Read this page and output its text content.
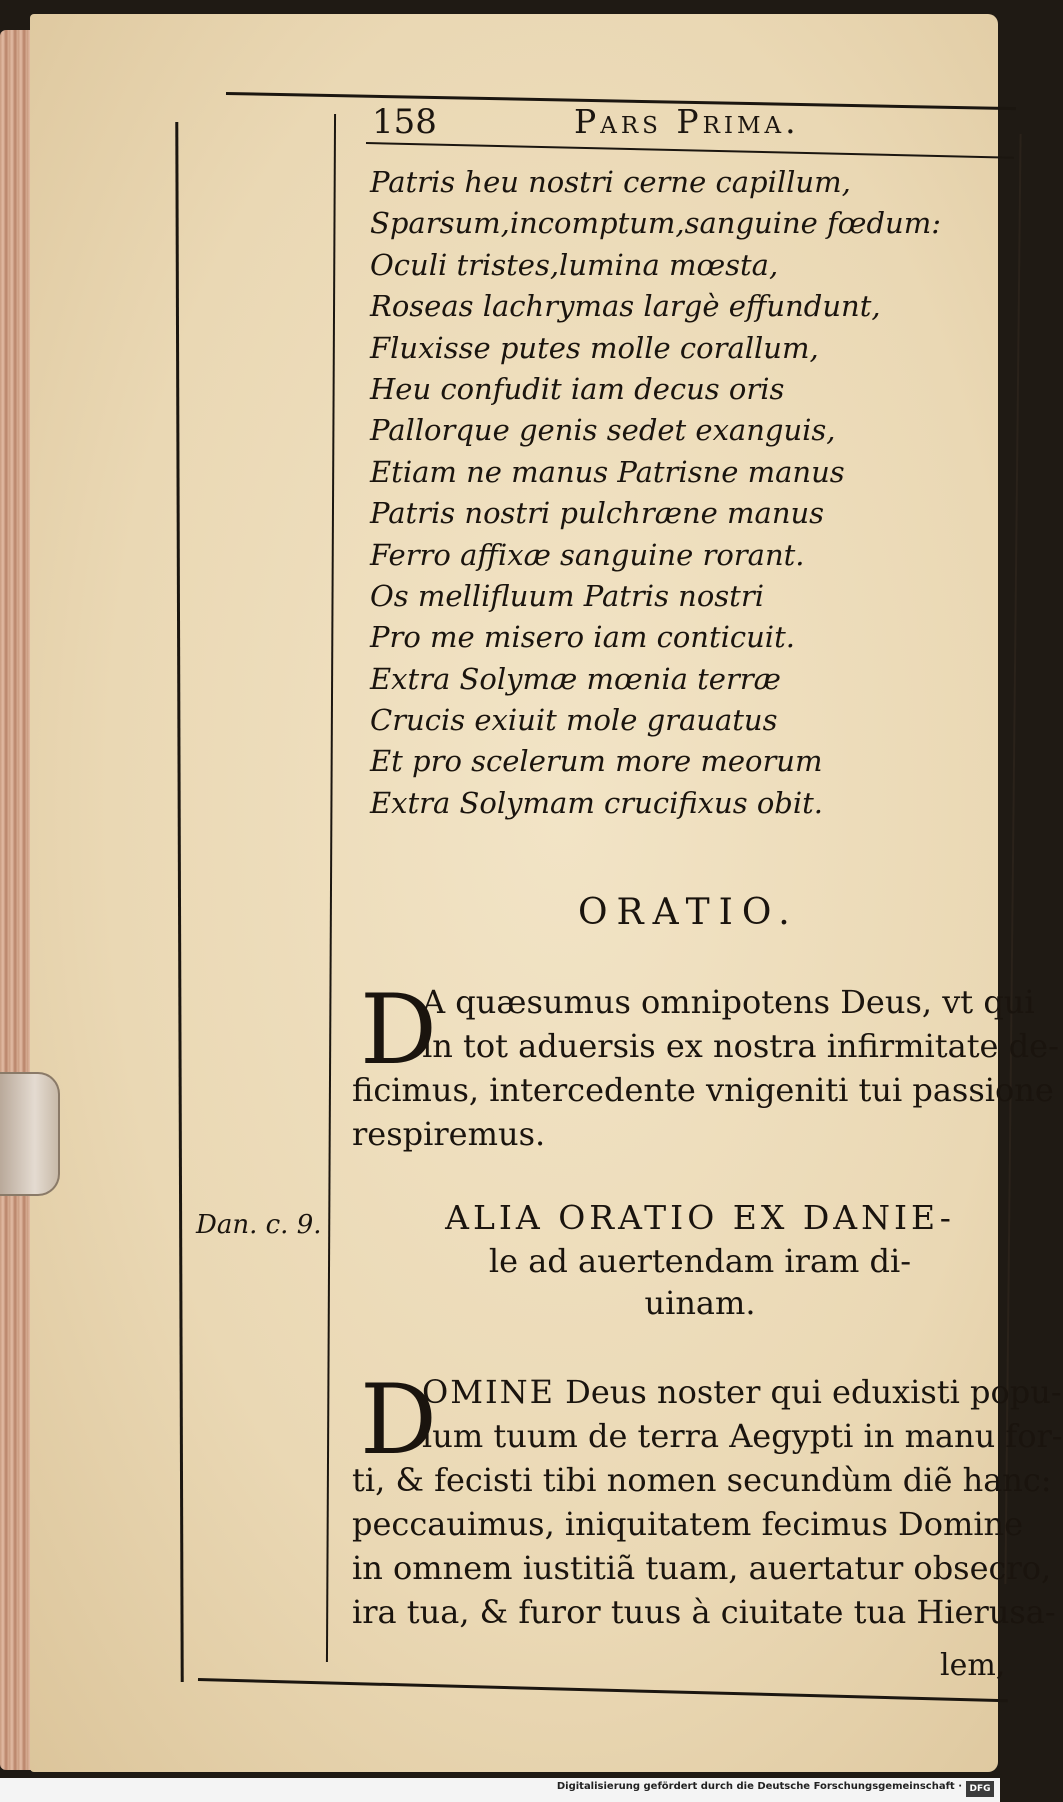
158	Pars Prima.
Patris heu nostri cerne capillum,
Sparsum,incomptum,sanguine fœdum:
Oculi tristes,lumina mœsta,
Roseas lachrymas largè effundunt,
Fluxisse putes molle corallum,
Heu confudit iam decus oris
Pallorque genis sedet exanguis,
Etiam ne manus Patrisne manus
Patris nostri pulchræne manus
Ferro affixæ sanguine rorant.
Os mellifluum Patris nostri
Pro me misero iam conticuit.
Extra Solymæ mœnia terræ
Crucis exiuit mole grauatus
Et pro scelerum more meorum
Extra Solymam crucifixus obit.
ORATIO.
D
A quæsumus omnipotens Deus, vt qui
in tot aduersis ex nostra infirmitate de-
ficimus, intercedente vnigeniti tui passione
respiremus.
Dan. c. 9.	ALIA ORATIO EX DANIE-
le ad auertendam iram di-
uinam.
D
OMINE Deus noster qui eduxisti popu-
lum tuum de terra Aegypti in manu for-
ti, & fecisti tibi nomen secundùm diẽ hanc:
peccauimus, iniquitatem fecimus Domine
in omnem iustitiã tuam, auertatur obsecro,
ira tua, & furor tuus à ciuitate tua Hierusa-
lem,
Digitalisierung gefördert durch die Deutsche Forschungsgemeinschaft · DFG
